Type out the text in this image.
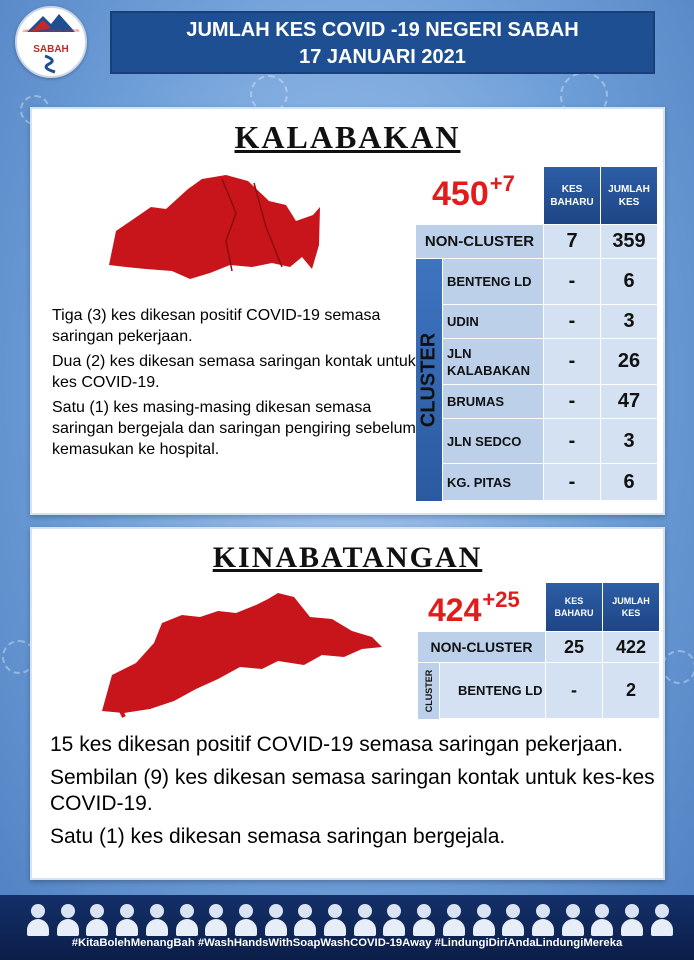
JABATAN KESIHATAN NEGERI
SABAH
JUMLAH KES COVID -19 NEGERI SABAH
17 JANUARI 2021
KALABAKAN
$450^{+7}$

Tiga (3) kes dikesan positif COVID-19 semasa saringan pekerjaan.

Dua (2) kes dikesan semasa saringan kontak untuk kes COVID-19.

Satu (1) kes masing-masing dikesan semasa saringan bergejala dan saringan pengiring sebelum kemasukan ke hospital.

KES BAHARU
JUMLAH KES
NON-CLUSTER	7	359
CLUSTER
BENTENG LD	-	6
UDIN	-	3
JLN KALABAKAN	-	26
BRUMAS	-	47
JLN SEDCO	-	3
KG. PITAS	-	6
KINABATANGAN
$424^{+25}$	KES BAHARU
JUMLAH KES
NON-CLUSTER	25	422
CLUSTER	BENTENG LD	-	2

15 kes dikesan positif COVID-19 semasa saringan pekerjaan.

Sembilan (9) kes dikesan semasa saringan kontak untuk kes-kes COVID-19.

Satu (1) kes dikesan semasa saringan bergejala.

#KitaBolehMenangBah #WashHandsWithSoapWashCOVID-19Away #LindungiDiriAndaLindungiMereka
